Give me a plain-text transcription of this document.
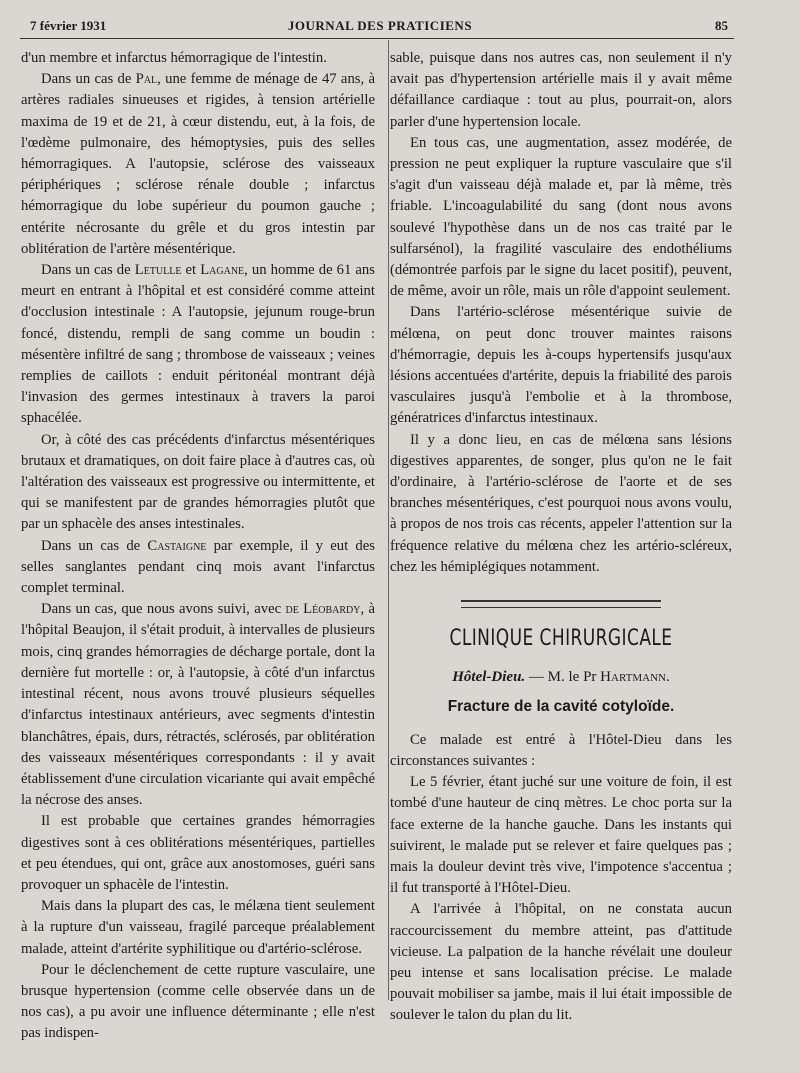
7 février 1931	JOURNAL DES PRATICIENS	85

d'un membre et infarctus hémorragique de l'intestin.

Dans un cas de Pal, une femme de ménage de 47 ans, à artères radiales sinueuses et rigides, à tension artérielle maxima de 19 et de 21, à cœur distendu, eut, à la fois, de l'œdème pulmonaire, des hémoptysies, puis des selles hémorragiques. A l'autopsie, sclérose des vaisseaux périphériques ; sclérose rénale double ; infarctus hémorragique du lobe supérieur du poumon gauche ; entérite nécrosante du grêle et du gros intestin par oblitération de l'artère mésentérique.

Dans un cas de Letulle et Lagane, un homme de 61 ans meurt en entrant à l'hôpital et est considéré comme atteint d'occlusion intestinale : A l'autopsie, jejunum rouge-brun foncé, distendu, rempli de sang comme un boudin : mésentère infiltré de sang ; thrombose de vaisseaux ; veines remplies de caillots : enduit péritonéal montrant déjà l'invasion des germes intestinaux à travers la paroi sphacélée.

Or, à côté des cas précédents d'infarctus mésentériques brutaux et dramatiques, on doit faire place à d'autres cas, où l'altération des vaisseaux est progressive ou intermittente, et qui se manifestent par de grandes hémorragies plutôt que par un sphacèle des anses intestinales.

Dans un cas de Castaigne par exemple, il y eut des selles sanglantes pendant cinq mois avant l'infarctus complet terminal.

Dans un cas, que nous avons suivi, avec de Léobardy, à l'hôpital Beaujon, il s'était produit, à intervalles de plusieurs mois, cinq grandes hémorragies de décharge portale, dont la dernière fut mortelle : or, à l'autopsie, à côté d'un infarctus intestinal récent, nous avons trouvé plusieurs séquelles d'infarctus intestinaux antérieurs, avec segments d'intestin blanchâtres, épais, durs, rétractés, sclérosés, par oblitération des vaisseaux mésentériques correspondants : il y avait établissement d'une circulation vicariante qui avait empêché la nécrose des anses.

Il est probable que certaines grandes hémorragies digestives sont à ces oblitérations mésentériques, partielles et peu étendues, qui ont, grâce aux anostomoses, guéri sans provoquer un sphacèle de l'intestin.

Mais dans la plupart des cas, le mélæna tient seulement à la rupture d'un vaisseau, fragilé parceque préalablement malade, atteint d'artérite syphilitique ou d'artério-sclérose.

Pour le déclenchement de cette rupture vasculaire, une brusque hypertension (comme celle observée dans un de nos cas), a pu avoir une influence déterminante ; elle n'est pas indispen-

sable, puisque dans nos autres cas, non seulement il n'y avait pas d'hypertension artérielle mais il y avait même défaillance cardiaque : tout au plus, pourrait-on, alors parler d'une hypertension locale.

En tous cas, une augmentation, assez modérée, de pression ne peut expliquer la rupture vasculaire que s'il s'agit d'un vaisseau déjà malade et, par là même, très friable. L'incoagulabilité du sang (dont nous avons soulevé l'hypothèse dans un de nos cas traité par le sulfarsénol), la fragilité vasculaire des endothéliums (démontrée parfois par le signe du lacet positif), peuvent, de même, avoir un rôle, mais un rôle d'appoint seulement.

Dans l'artério-sclérose mésentérique suivie de mélœna, on peut donc trouver maintes raisons d'hémorragie, depuis les à-coups hypertensifs jusqu'aux lésions accentuées d'artérite, depuis la friabilité des parois vasculaires jusqu'à l'embolie et à la thrombose, génératrices d'infarctus intestinaux.

Il y a donc lieu, en cas de mélœna sans lésions digestives apparentes, de songer, plus qu'on ne le fait d'ordinaire, à l'artério-sclérose de l'aorte et de ses branches mésentériques, c'est pourquoi nous avons voulu, à propos de nos trois cas récents, appeler l'attention sur la fréquence relative du mélœna chez les artério-scléreux, chez les hémiplégiques notamment.

CLINIQUE CHIRURGICALE
Hôtel-Dieu. — M. le Pr Hartmann.
Fracture de la cavité cotyloïde.

Ce malade est entré à l'Hôtel-Dieu dans les circonstances suivantes :

Le 5 février, étant juché sur une voiture de foin, il est tombé d'une hauteur de cinq mètres. Le choc porta sur la face externe de la hanche gauche. Dans les instants qui suivirent, le malade put se relever et faire quelques pas ; mais la douleur devint très vive, l'impotence s'accentua ; il fut transporté à l'Hôtel-Dieu.

A l'arrivée à l'hôpital, on ne constata aucun raccourcissement du membre atteint, pas d'attitude vicieuse. La palpation de la hanche révélait une douleur peu intense et sans localisation précise. Le malade pouvait mobiliser sa jambe, mais il lui était impossible de soulever le talon du plan du lit.
